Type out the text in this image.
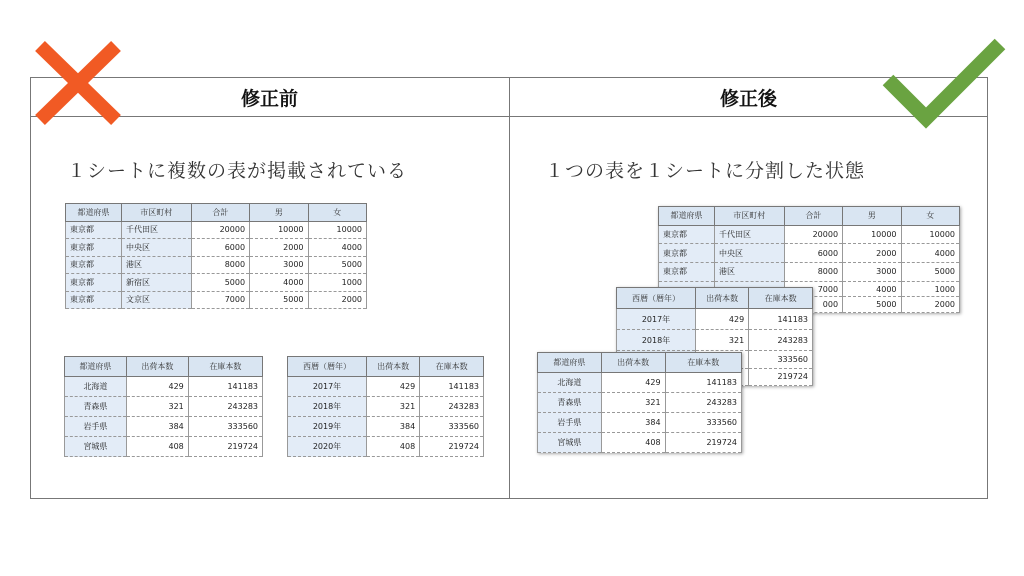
修正前	修正後
１シートに複数の表が掲載されている	１つの表を１シートに分割した状態
都道府県	市区町村	合計	男	女
東京都	千代田区	20000	10000	10000
東京都	中央区	6000	2000	4000
東京都	港区	8000	3000	5000
東京都	新宿区	5000	4000	1000
東京都	文京区	7000	5000	2000
都道府県	出荷本数	在庫本数
北海道	429	141183
青森県	321	243283
岩手県	384	333560
宮城県	408	219724
西暦（暦年）	出荷本数	在庫本数
2017年	429	141183
2018年	321	243283
2019年	384	333560
2020年	408	219724
都道府県	市区町村	合計	男	女
東京都	千代田区	20000	10000	10000
東京都	中央区	6000	2000	4000
東京都	港区	8000	3000	5000
		7000	4000	1000
		000	5000	2000
西暦（暦年）	出荷本数	在庫本数
2017年	429	141183
2018年	321	243283
		333560
		219724
都道府県	出荷本数	在庫本数
北海道	429	141183
青森県	321	243283
岩手県	384	333560
宮城県	408	219724
